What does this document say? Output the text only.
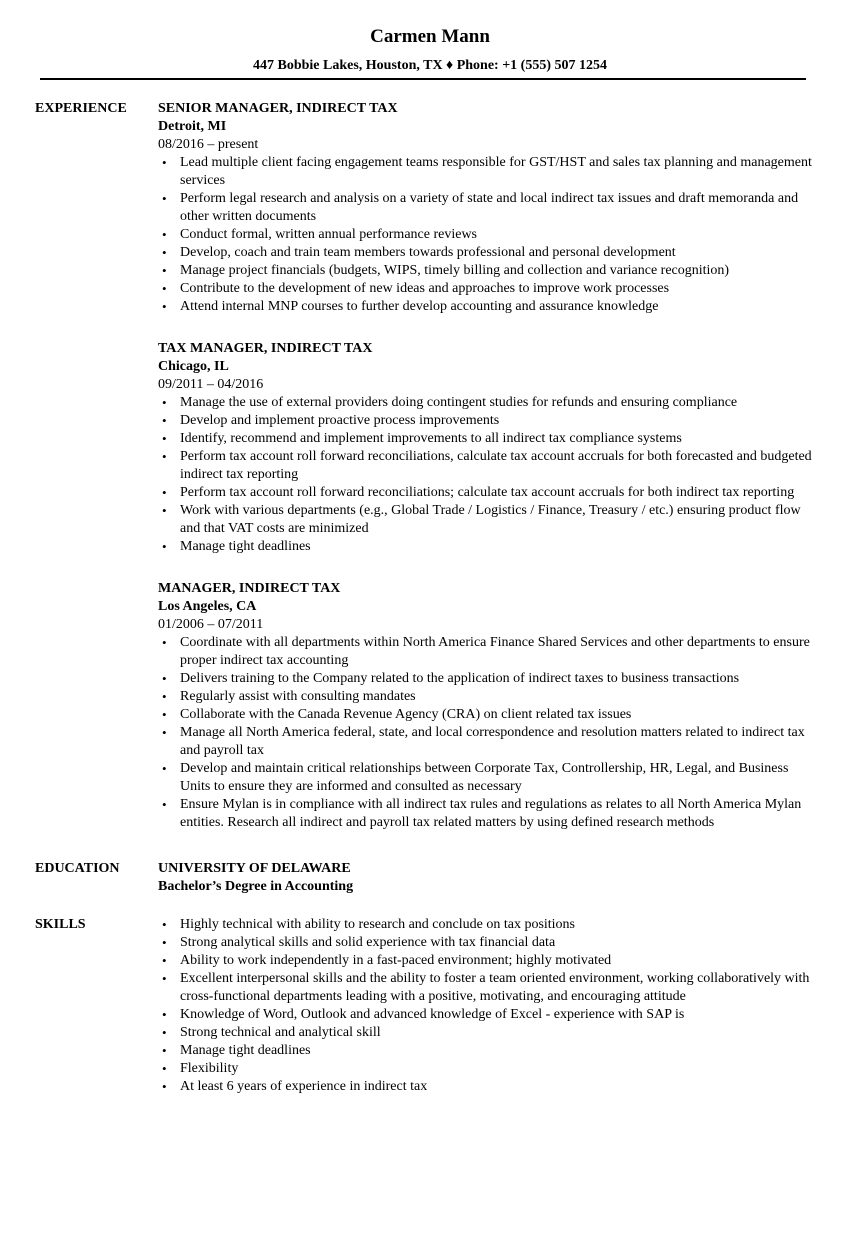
Carmen Mann
447 Bobbie Lakes, Houston, TX ♦ Phone: +1 (555) 507 1254
EXPERIENCE	SENIOR MANAGER, INDIRECT TAX
Detroit, MI
08/2016 – present
• Lead multiple client facing engagement teams responsible for GST/HST and sales tax planning and management services
• Perform legal research and analysis on a variety of state and local indirect tax issues and draft memoranda and other written documents
• Conduct formal, written annual performance reviews
• Develop, coach and train team members towards professional and personal development
• Manage project financials (budgets, WIPS, timely billing and collection and variance recognition)
• Contribute to the development of new ideas and approaches to improve work processes
• Attend internal MNP courses to further develop accounting and assurance knowledge
TAX MANAGER, INDIRECT TAX
Chicago, IL
09/2011 – 04/2016
• Manage the use of external providers doing contingent studies for refunds and ensuring compliance
• Develop and implement proactive process improvements
• Identify, recommend and implement improvements to all indirect tax compliance systems
• Perform tax account roll forward reconciliations, calculate tax account accruals for both forecasted and budgeted indirect tax reporting
• Perform tax account roll forward reconciliations; calculate tax account accruals for both indirect tax reporting
• Work with various departments (e.g., Global Trade / Logistics / Finance, Treasury / etc.) ensuring product flow and that VAT costs are minimized
• Manage tight deadlines
MANAGER, INDIRECT TAX
Los Angeles, CA
01/2006 – 07/2011
• Coordinate with all departments within North America Finance Shared Services and other departments to ensure proper indirect tax accounting
• Delivers training to the Company related to the application of indirect taxes to business transactions
• Regularly assist with consulting mandates
• Collaborate with the Canada Revenue Agency (CRA) on client related tax issues
• Manage all North America federal, state, and local correspondence and resolution matters related to indirect tax and payroll tax
• Develop and maintain critical relationships between Corporate Tax, Controllership, HR, Legal, and Business Units to ensure they are informed and consulted as necessary
• Ensure Mylan is in compliance with all indirect tax rules and regulations as relates to all North America Mylan entities. Research all indirect and payroll tax related matters by using defined research methods
EDUCATION	UNIVERSITY OF DELAWARE
Bachelor’s Degree in Accounting
SKILLS
•	Highly technical with ability to research and conclude on tax positions
• Strong analytical skills and solid experience with tax financial data
• Ability to work independently in a fast-paced environment; highly motivated
• Excellent interpersonal skills and the ability to foster a team oriented environment, working collaboratively with cross-functional departments leading with a positive, motivating, and encouraging attitude
• Knowledge of Word, Outlook and advanced knowledge of Excel - experience with SAP is
• Strong technical and analytical skill
• Manage tight deadlines
• Flexibility
• At least 6 years of experience in indirect tax
